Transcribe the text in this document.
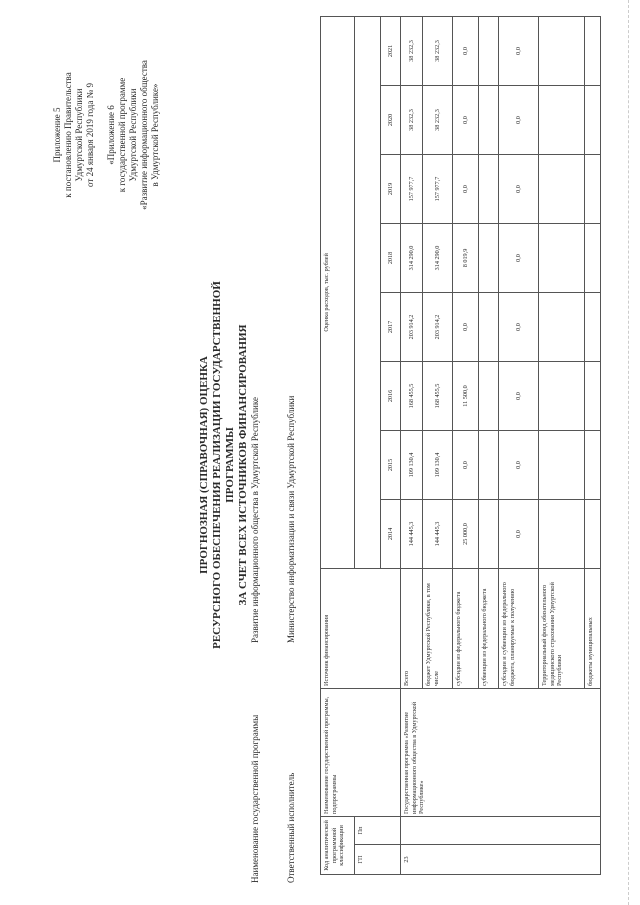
Приложение 5 к постановлению Правительства Удмуртской Республики от 24 января 2019 года № 9 «Приложение 6 к государственной программе Удмуртской Республики «Развитие информационного общества в Удмуртской Республике»
ПРОГНОЗНАЯ (СПРАВОЧНАЯ) ОЦЕНКА РЕСУРСНОГО ОБЕСПЕЧЕНИЯ РЕАЛИЗАЦИИ ГОСУДАРСТВЕННОЙ ПРОГРАММЫ ЗА СЧЕТ ВСЕХ ИСТОЧНИКОВ ФИНАНСИРОВАНИЯ
Наименование государственной программы
Развитие информационного общества в Удмуртской Республике
Ответственный исполнитель
Министерство информатизации и связи Удмуртской Республики
Код аналитической программной классификации		Наименование государственной программы, подпрограммы	Источник финансирования	Оценка расходов, тыс. рублей							
ГП	Пп										
				2014	2015	2016	2017	2018	2019	2020	2021
23		Государственная программа «Развитие информационного общества в Удмуртской Республике»	Всего	144 445,3	109 130,4	168 455,5	203 914,2	314 290,0	157 977,7	38 232,3	38 232,3
			бюджет Удмуртской Республики, в том числе	144 445,3	109 130,4	168 455,5	203 914,2	314 290,0	157 977,7	38 232,3	38 232,3
			субсидии из федерального бюджета	25 000,0	0,0	11 500,0	0,0	8 019,9	0,0	0,0	0,0
			субвенции из федерального бюджета								
			субсидии и субвенции из федерального бюджета, планируемые к получению	0,0	0,0	0,0	0,0	0,0	0,0	0,0	0,0
			Территориальный фонд обязательного медицинского страхования Удмуртской Республики								
			бюджеты муниципальных								
